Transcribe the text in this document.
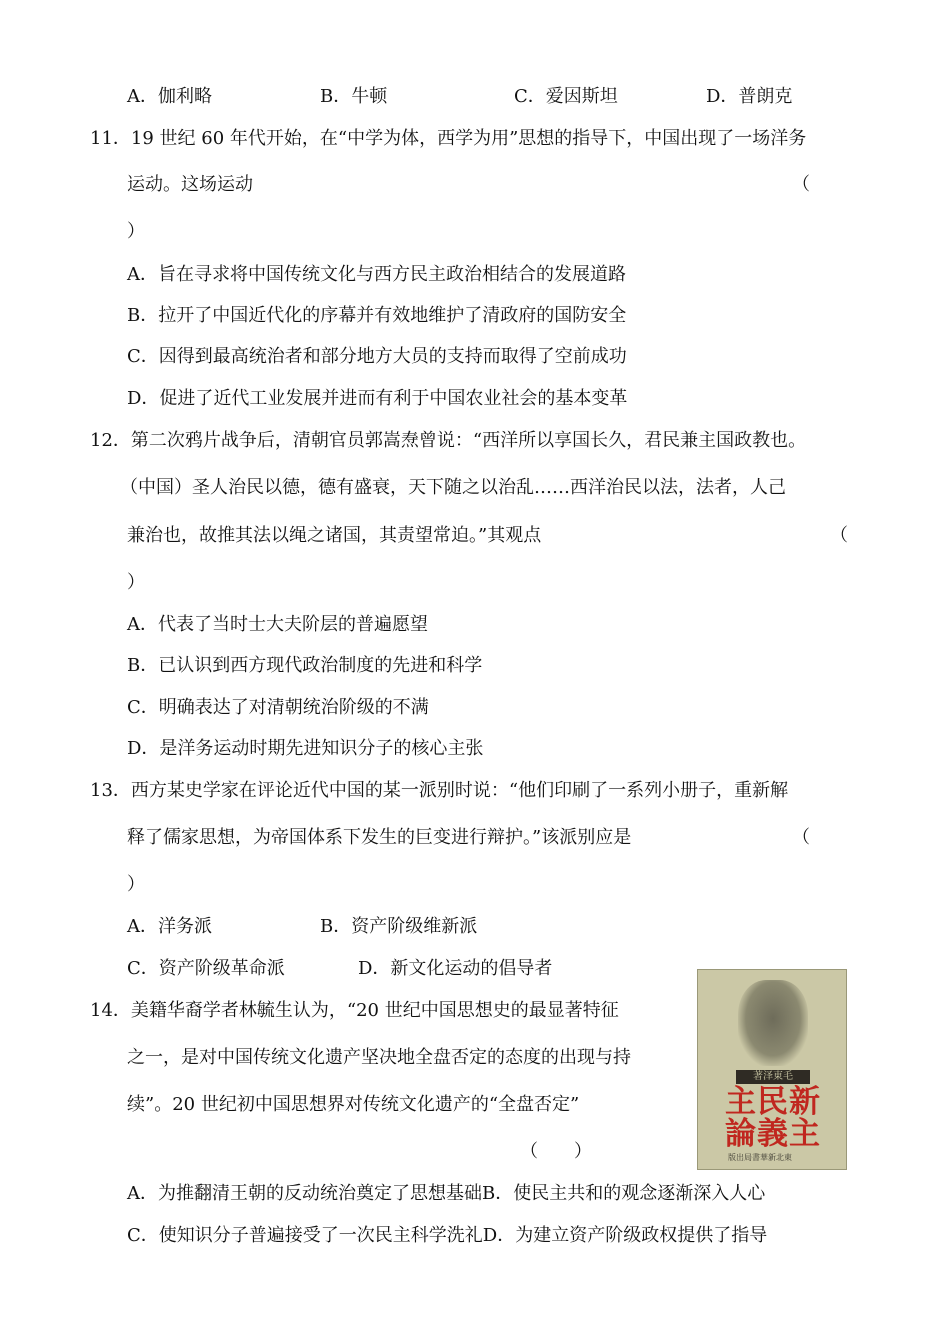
A．伽利略	B．牛顿	C．爱因斯坦	D．普朗克
11．19 世纪 60 年代开始，在“中学为体，西学为用”思想的指导下，中国出现了一场洋务
运动。这场运动	（
）
A．旨在寻求将中国传统文化与西方民主政治相结合的发展道路
B．拉开了中国近代化的序幕并有效地维护了清政府的国防安全
C．因得到最高统治者和部分地方大员的支持而取得了空前成功
D．促进了近代工业发展并进而有利于中国农业社会的基本变革
12．第二次鸦片战争后，清朝官员郭嵩焘曾说：“西洋所以享国长久，君民兼主国政教也。
（中国）圣人治民以德，德有盛衰，天下随之以治乱……西洋治民以法，法者，人己
兼治也，故推其法以绳之诸国，其责望常迫。”其观点	（
）
A．代表了当时士大夫阶层的普遍愿望
B．已认识到西方现代政治制度的先进和科学
C．明确表达了对清朝统治阶级的不满
D．是洋务运动时期先进知识分子的核心主张
13．西方某史学家在评论近代中国的某一派别时说：“他们印刷了一系列小册子，重新解
释了儒家思想，为帝国体系下发生的巨变进行辩护。”该派别应是	（
）
A．洋务派	B．资产阶级维新派
C．资产阶级革命派	D．新文化运动的倡导者
14．美籍华裔学者林毓生认为，“20 世纪中国思想史的最显著特征
之一，是对中国传统文化遗产坚决地全盘否定的态度的出现与持
续”。20 世纪初中国思想界对传统文化遗产的“全盘否定”
（　　）
A．为推翻清王朝的反动统治奠定了思想基础B．使民主共和的观念逐渐深入人心
C．使知识分子普遍接受了一次民主科学洗礼D．为建立资产阶级政权提供了指导
著泽東毛
主民新
論義主
版出局書華新北東
